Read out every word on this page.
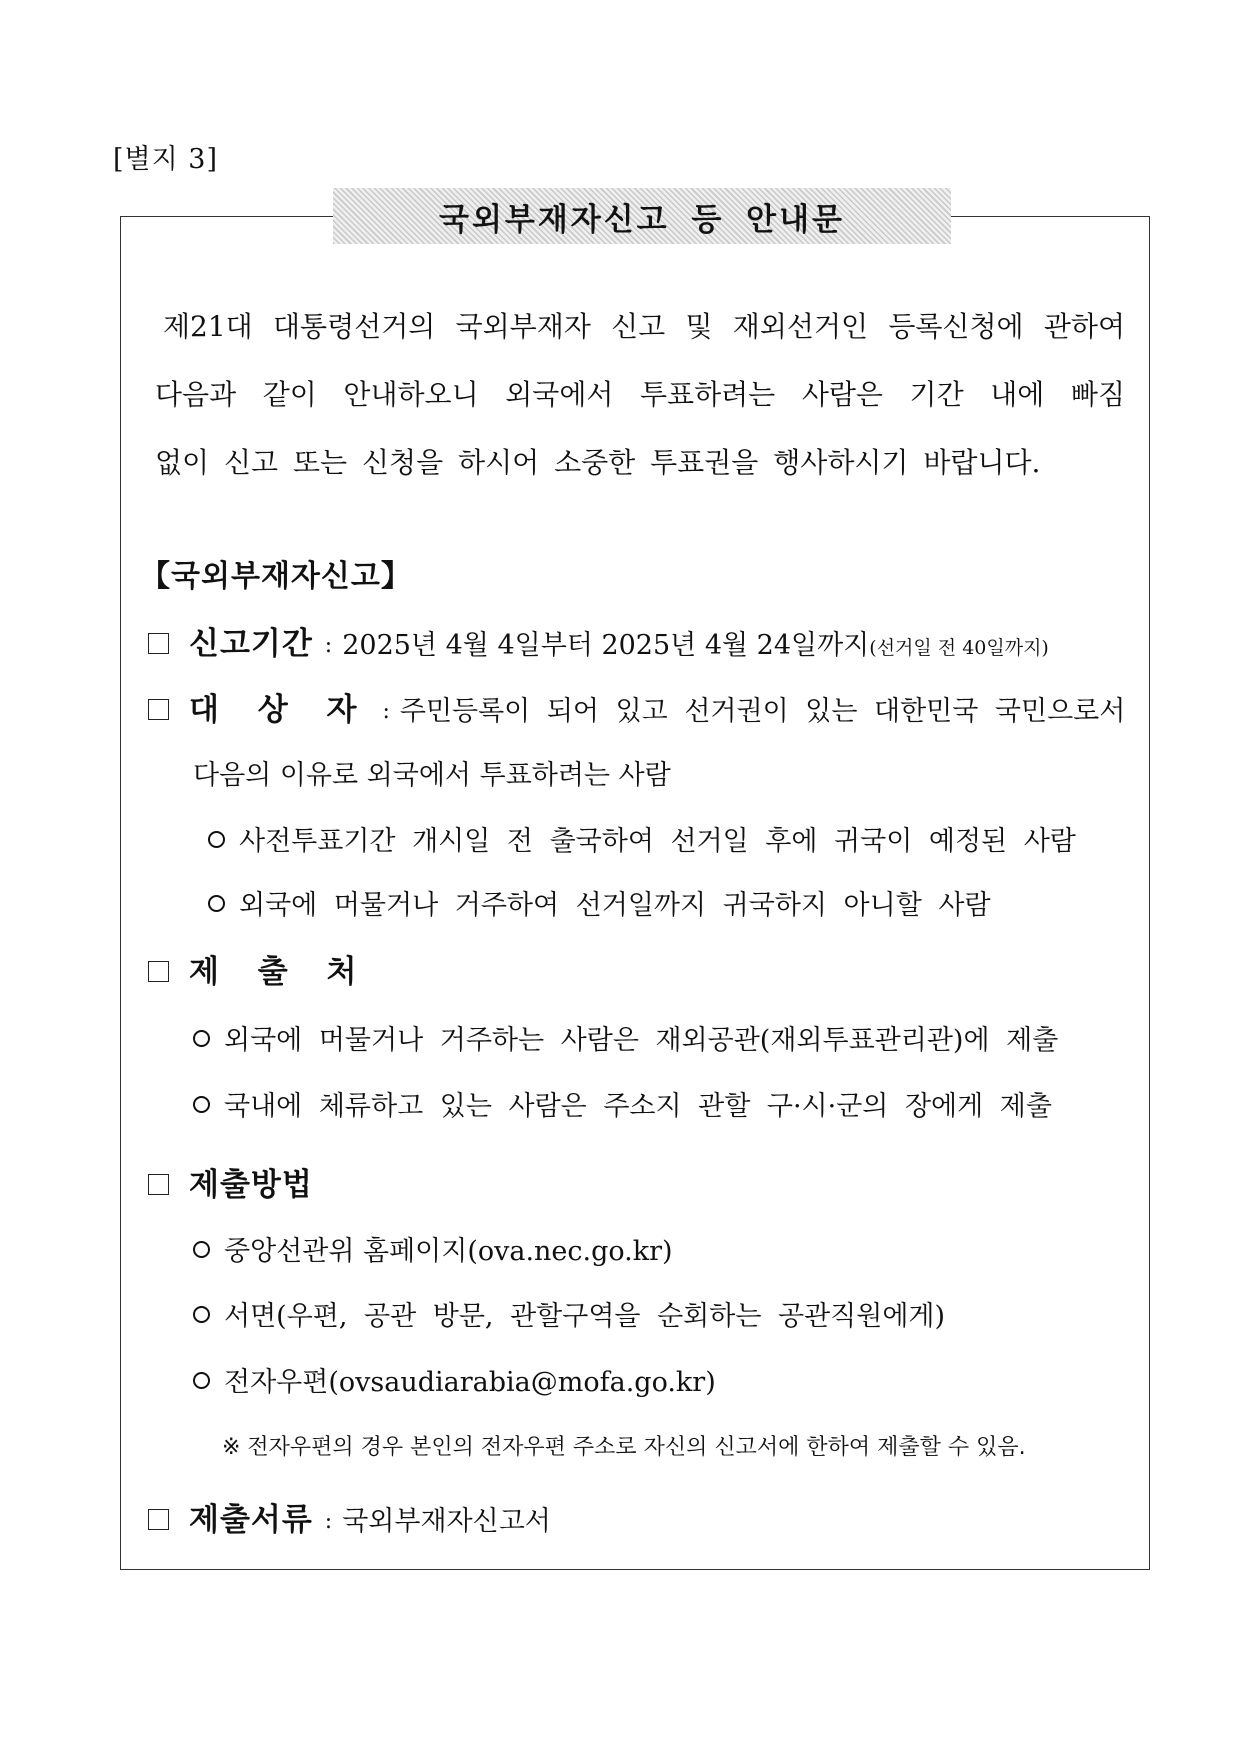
[별지 3]
국외부재자신고 등 안내문
제21대 대통령선거의 국외부재자 신고 및 재외선거인 등록신청에 관하여
다음과 같이 안내하오니 외국에서 투표하려는 사람은 기간 내에 빠짐
없이 신고 또는 신청을 하시어 소중한 투표권을 행사하시기 바랍니다.
【국외부재자신고】
신고기간 : 2025년 4월 4일부터 2025년 4월 24일까지(선거일 전 40일까지)
대 상 자 : 주민등록이 되어 있고 선거권이 있는 대한민국 국민으로서
다음의 이유로 외국에서 투표하려는 사람
사전투표기간 개시일 전 출국하여 선거일 후에 귀국이 예정된 사람
외국에 머물거나 거주하여 선거일까지 귀국하지 아니할 사람
제 출 처
외국에 머물거나 거주하는 사람은 재외공관(재외투표관리관)에 제출
국내에 체류하고 있는 사람은 주소지 관할 구·시·군의 장에게 제출
제출방법
중앙선관위 홈페이지(ova.nec.go.kr)
서면(우편, 공관 방문, 관할구역을 순회하는 공관직원에게)
전자우편(ovsaudiarabia@mofa.go.kr)
※ 전자우편의 경우 본인의 전자우편 주소로 자신의 신고서에 한하여 제출할 수 있음.
제출서류 : 국외부재자신고서
